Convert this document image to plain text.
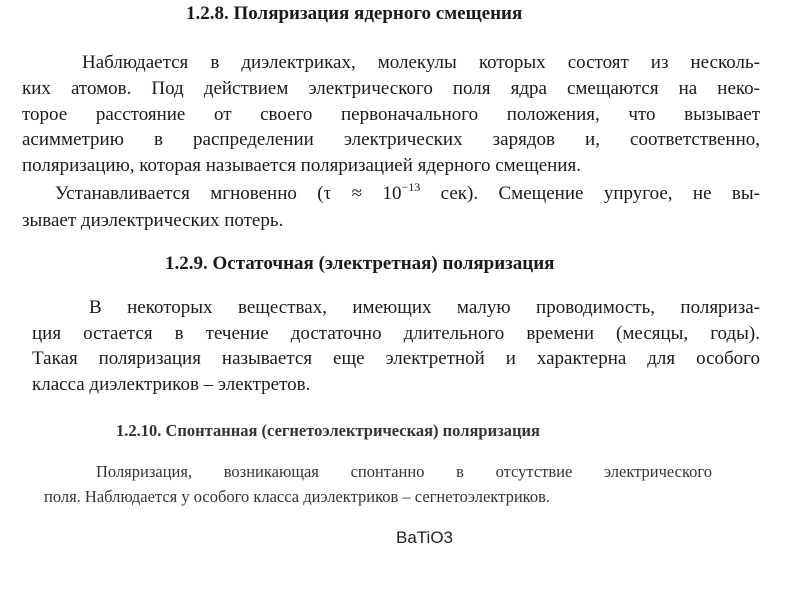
1.2.8. Поляризация ядерного смещения
Наблюдается в диэлектриках, молекулы которых состоят из несколь-
ких атомов. Под действием электрического поля ядра смещаются на неко-
торое расстояние от своего первоначального положения, что вызывает
асимметрию в распределении электрических зарядов и, соответственно,
поляризацию, которая называется поляризацией ядерного смещения.
Устанавливается мгновенно ($\tau \approx 10^{-13}$ сек). Смещение упругое, не вы-
зывает диэлектрических потерь.
1.2.9. Остаточная (электретная) поляризация
В некоторых веществах, имеющих малую проводимость, поляриза-
ция остается в течение достаточно длительного времени (месяцы, годы).
Такая поляризация называется еще электретной и характерна для особого
класса диэлектриков – электретов.
1.2.10. Спонтанная (сегнетоэлектрическая) поляризация
Поляризация, возникающая спонтанно в отсутствие электрического
поля. Наблюдается у особого класса диэлектриков – сегнетоэлектриков.

BaTiO3
